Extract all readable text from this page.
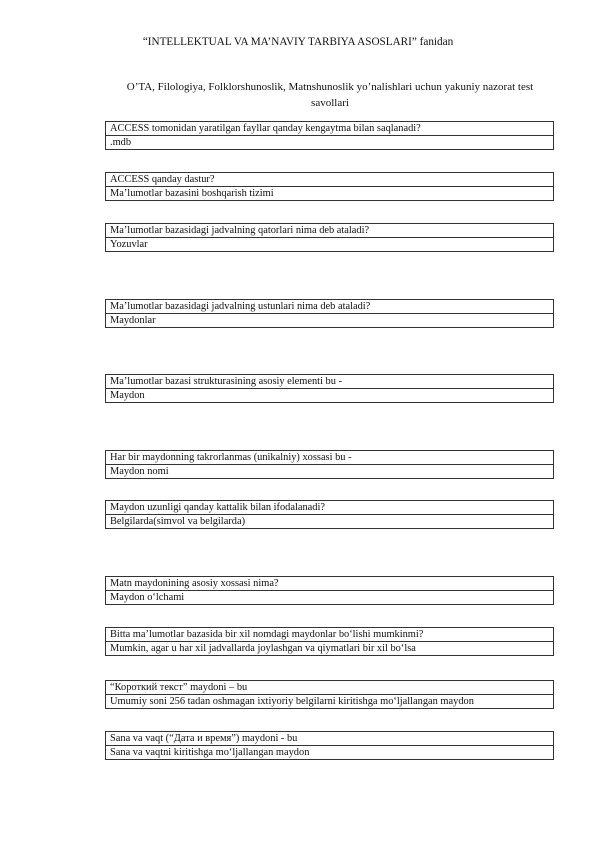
“INTELLEKTUAL VA MA’NAVIY TARBIYA ASOSLARI” fanidan
O’TA, Filologiya, Folklorshunoslik, Matnshunoslik yo’nalishlari uchun yakuniy nazorat test savollari
ACCESS tomonidan yaratilgan fayllar qanday kengaytma bilan saqlanadi?
.mdb
ACCESS qanday dastur?
Ma’lumotlar bazasini boshqarish tizimi
Ma’lumotlar bazasidagi jadvalning qatorlari nima deb ataladi?
Yozuvlar
Ma’lumotlar bazasidagi jadvalning ustunlari nima deb ataladi?
Maydonlar
Ma’lumotlar bazasi strukturasining asosiy elementi bu -
Maydon
Har bir maydonning takrorlanmas (unikalniy) xossasi bu -
Maydon nomi
Maydon uzunligi qanday kattalik bilan ifodalanadi?
Belgilarda(simvol va belgilarda)
Matn maydonining asosiy xossasi nima?
Maydon o‘lchami
Bitta ma’lumotlar bazasida bir xil nomdagi maydonlar bo‘lishi mumkinmi?
Mumkin, agar u har xil jadvallarda joylashgan va qiymatlari bir xil bo‘lsa
“Короткий текст” maydoni – bu
Umumiy soni 256 tadan oshmagan ixtiyoriy belgilarni kiritishga mo‘ljallangan maydon
Sana va vaqt (“Дата и время”) maydoni - bu
Sana va vaqtni kiritishga mo‘ljallangan maydon
